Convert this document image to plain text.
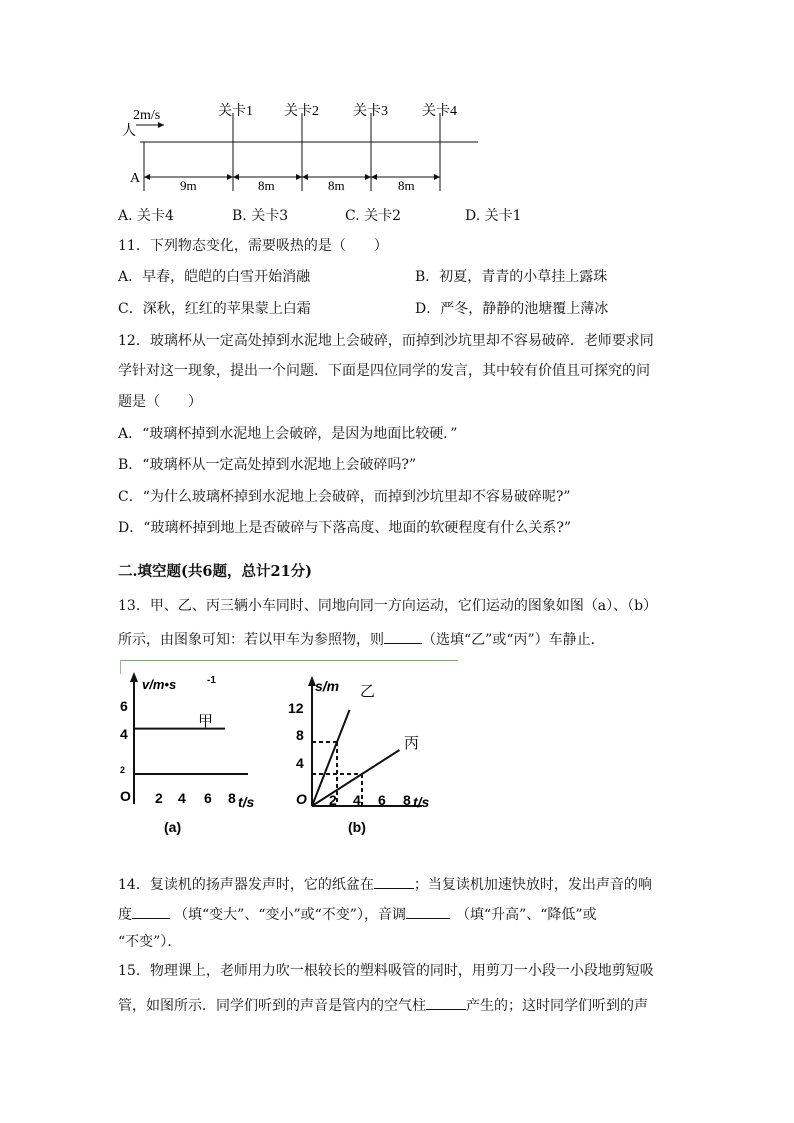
2m/s
人
关卡1 关卡2 关卡3 关卡4
A	9m	8m	8m	8m
A. 关卡4	B. 关卡3	C. 关卡2	D. 关卡1
11．下列物态变化，需要吸热的是（　　）
A．早春，皑皑的白雪开始消融	B．初夏，青青的小草挂上露珠
C．深秋，红红的苹果蒙上白霜	D．严冬，静静的池塘覆上薄冰
12．玻璃杯从一定高处掉到水泥地上会破碎，而掉到沙坑里却不容易破碎．老师要求同
学针对这一现象，提出一个问题．下面是四位同学的发言，其中较有价值且可探究的问
题是（　　）
A．“玻璃杯掉到水泥地上会破碎，是因为地面比较硬．”
B．“玻璃杯从一定高处掉到水泥地上会破碎吗?”
C．“为什么玻璃杯掉到水泥地上会破碎，而掉到沙坑里却不容易破碎呢?”
D．“玻璃杯掉到地上是否破碎与下落高度、地面的软硬程度有什么关系?”
二.填空题(共6题，总计21分)
13．甲、乙、丙三辆小车同时、同地向同一方向运动，它们运动的图象如图（a）、（b）
所示，由图象可知：若以甲车为参照物，则	（选填“乙”或“丙”）车静止．
v/m•s	-1
6
4
2
O 2 4 6 8 t/s
甲
(a)
s/m
12
8
4
O 2 4 6 8 t/s
乙
丙
(b)
14．复读机的扬声器发声时，它的纸盆在	；当复读机加速快放时，发出声音的响
度	（填“变大”、“变小”或“不变”），音调	（填“升高”、“降低”或
“不变”）．
15．物理课上，老师用力吹一根较长的塑料吸管的同时，用剪刀一小段一小段地剪短吸
管，如图所示．同学们听到的声音是管内的空气柱	产生的；这时同学们听到的声
